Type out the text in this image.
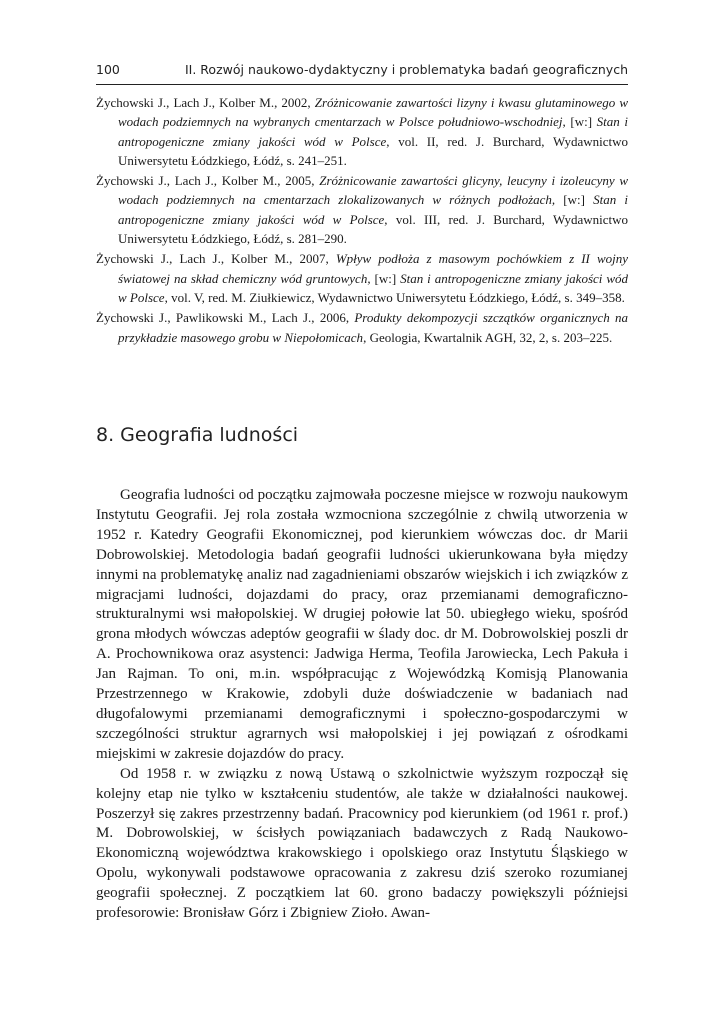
100	II. Rozwój naukowo-dydaktyczny i problematyka badań geograficznych

Żychowski J., Lach J., Kolber M., 2002, Zróżnicowanie zawartości lizyny i kwasu glutaminowego w wodach podziemnych na wybranych cmentarzach w Polsce południowo-wschodniej, [w:] Stan i antropogeniczne zmiany jakości wód w Polsce, vol. II, red. J. Burchard, Wydawnictwo Uniwersytetu Łódzkiego, Łódź, s. 241–251.

Żychowski J., Lach J., Kolber M., 2005, Zróżnicowanie zawartości glicyny, leucyny i izoleucyny w wodach podziemnych na cmentarzach zlokalizowanych w różnych podłożach, [w:] Stan i antropogeniczne zmiany jakości wód w Polsce, vol. III, red. J. Burchard, Wydawnictwo Uniwersytetu Łódzkiego, Łódź, s. 281–290.

Żychowski J., Lach J., Kolber M., 2007, Wpływ podłoża z masowym pochówkiem z II wojny światowej na skład chemiczny wód gruntowych, [w:] Stan i antropogeniczne zmiany jakości wód w Polsce, vol. V, red. M. Ziułkiewicz, Wydawnictwo Uniwersytetu Łódzkiego, Łódź, s. 349–358.

Żychowski J., Pawlikowski M., Lach J., 2006, Produkty dekompozycji szczątków organicznych na przykładzie masowego grobu w Niepołomicach, Geologia, Kwartalnik AGH, 32, 2, s. 203–225.

8. Geografia ludności

Geografia ludności od początku zajmowała poczesne miejsce w rozwoju naukowym Instytutu Geografii. Jej rola została wzmocniona szczególnie z chwilą utworzenia w 1952 r. Katedry Geografii Ekonomicznej, pod kierunkiem wówczas doc. dr Marii Dobrowolskiej. Metodologia badań geografii ludności ukierunkowana była między innymi na problematykę analiz nad zagadnieniami obszarów wiejskich i ich związków z migracjami ludności, dojazdami do pracy, oraz przemianami demograficzno-strukturalnymi wsi małopolskiej. W drugiej połowie lat 50. ubiegłego wieku, spośród grona młodych wówczas adeptów geografii w ślady doc. dr M. Dobrowolskiej poszli dr A. Prochownikowa oraz asystenci: Jadwiga Herma, Teofila Jarowiecka, Lech Pakuła i Jan Rajman. To oni, m.in. współpracując z Wojewódzką Komisją Planowania Przestrzennego w Krakowie, zdobyli duże doświadczenie w badaniach nad długofalowymi przemianami demograficznymi i społeczno-gospodarczymi w szczególności struktur agrarnych wsi małopolskiej i jej powiązań z ośrodkami miejskimi w zakresie dojazdów do pracy.

Od 1958 r. w związku z nową Ustawą o szkolnictwie wyższym rozpoczął się kolejny etap nie tylko w kształceniu studentów, ale także w działalności naukowej. Poszerzył się zakres przestrzenny badań. Pracownicy pod kierunkiem (od 1961 r. prof.) M. Dobrowolskiej, w ścisłych powiązaniach badawczych z Radą Naukowo-Ekonomiczną województwa krakowskiego i opolskiego oraz Instytutu Śląskiego w Opolu, wykonywali podstawowe opracowania z zakresu dziś szeroko rozumianej geografii społecznej. Z początkiem lat 60. grono badaczy powiększyli późniejsi profesorowie: Bronisław Górz i Zbigniew Zioło. Awan-
